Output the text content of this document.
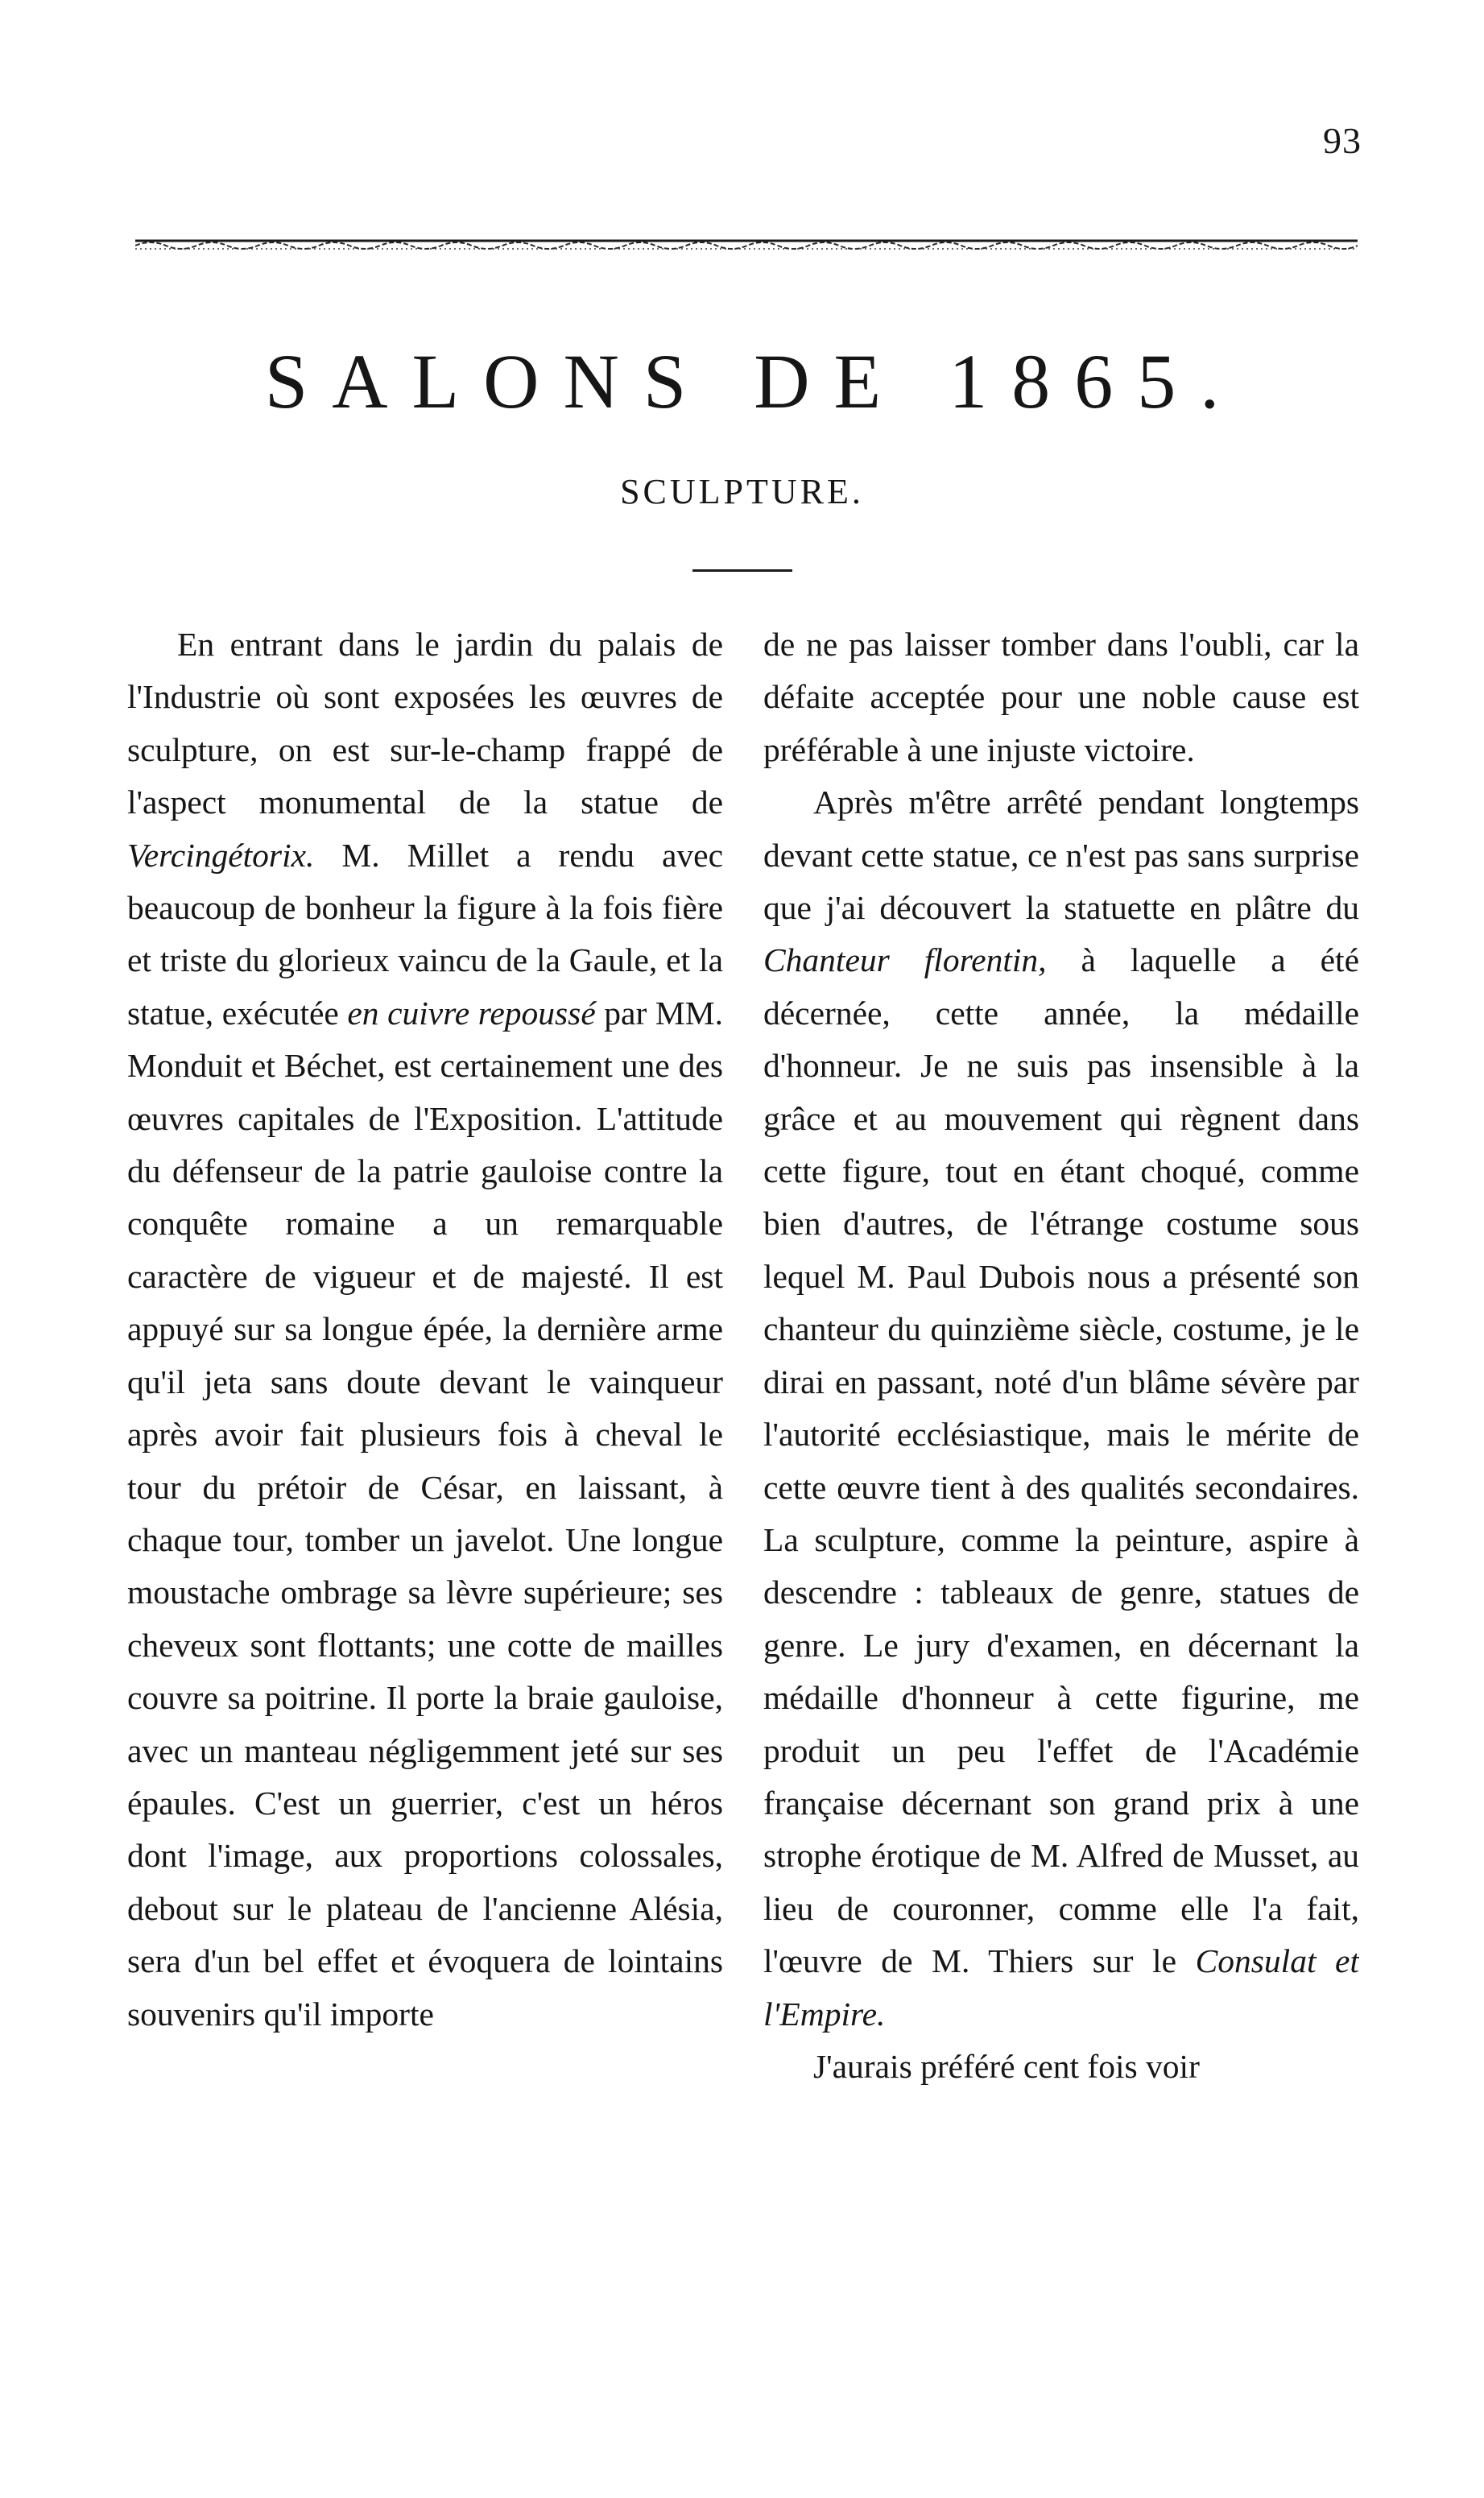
93
SALONS DE 1865.
SCULPTURE.

En entrant dans le jardin du palais de l'Industrie où sont exposées les œuvres de sculpture, on est sur-le-champ frappé de l'aspect monumental de la statue de Vercingétorix. M. Millet a rendu avec beaucoup de bonheur la figure à la fois fière et triste du glorieux vaincu de la Gaule, et la statue, exécutée en cuivre repoussé par MM. Monduit et Béchet, est certainement une des œuvres capitales de l'Exposition. L'attitude du défenseur de la patrie gauloise contre la conquête romaine a un remarquable caractère de vigueur et de majesté. Il est appuyé sur sa longue épée, la dernière arme qu'il jeta sans doute devant le vainqueur après avoir fait plusieurs fois à cheval le tour du prétoir de César, en laissant, à chaque tour, tomber un javelot. Une longue moustache ombrage sa lèvre supérieure; ses cheveux sont flottants; une cotte de mailles couvre sa poitrine. Il porte la braie gauloise, avec un manteau négligemment jeté sur ses épaules. C'est un guerrier, c'est un héros dont l'image, aux proportions colossales, debout sur le plateau de l'ancienne Alésia, sera d'un bel effet et évoquera de lointains souvenirs qu'il importe

de ne pas laisser tomber dans l'oubli, car la défaite acceptée pour une noble cause est préférable à une injuste victoire.

Après m'être arrêté pendant longtemps devant cette statue, ce n'est pas sans surprise que j'ai découvert la statuette en plâtre du Chanteur florentin, à laquelle a été décernée, cette année, la médaille d'honneur. Je ne suis pas insensible à la grâce et au mouvement qui règnent dans cette figure, tout en étant choqué, comme bien d'autres, de l'étrange costume sous lequel M. Paul Dubois nous a présenté son chanteur du quinzième siècle, costume, je le dirai en passant, noté d'un blâme sévère par l'autorité ecclésiastique, mais le mérite de cette œuvre tient à des qualités secondaires. La sculpture, comme la peinture, aspire à descendre : tableaux de genre, statues de genre. Le jury d'examen, en décernant la médaille d'honneur à cette figurine, me produit un peu l'effet de l'Académie française décernant son grand prix à une strophe érotique de M. Alfred de Musset, au lieu de couronner, comme elle l'a fait, l'œuvre de M. Thiers sur le Consulat et l'Empire.

J'aurais préféré cent fois voir
